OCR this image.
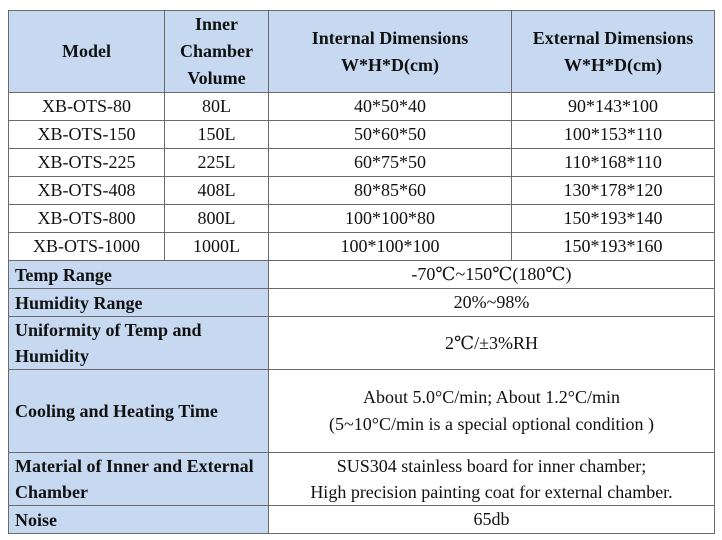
Model	Inner Chamber Volume	Internal Dimensions W*H*D(cm)	External Dimensions W*H*D(cm)
XB-OTS-80	80L	40*50*40	90*143*100
XB-OTS-150	150L	50*60*50	100*153*110
XB-OTS-225	225L	60*75*50	110*168*110
XB-OTS-408	408L	80*85*60	130*178*120
XB-OTS-800	800L	100*100*80	150*193*140
XB-OTS-1000	1000L	100*100*100	150*193*160
Temp Range		-70℃~150℃(180℃)	
Humidity Range		20%~98%	
Uniformity of Temp and Humidity		2℃/±3%RH	
Cooling and Heating Time		About 5.0°C/min; About 1.2°C/min
(5~10°C/min is a special optional condition )	

Material of Inner and External Chamber		SUS304 stainless board for inner chamber;
High precision painting coat for external chamber.	

Noise		65db	
